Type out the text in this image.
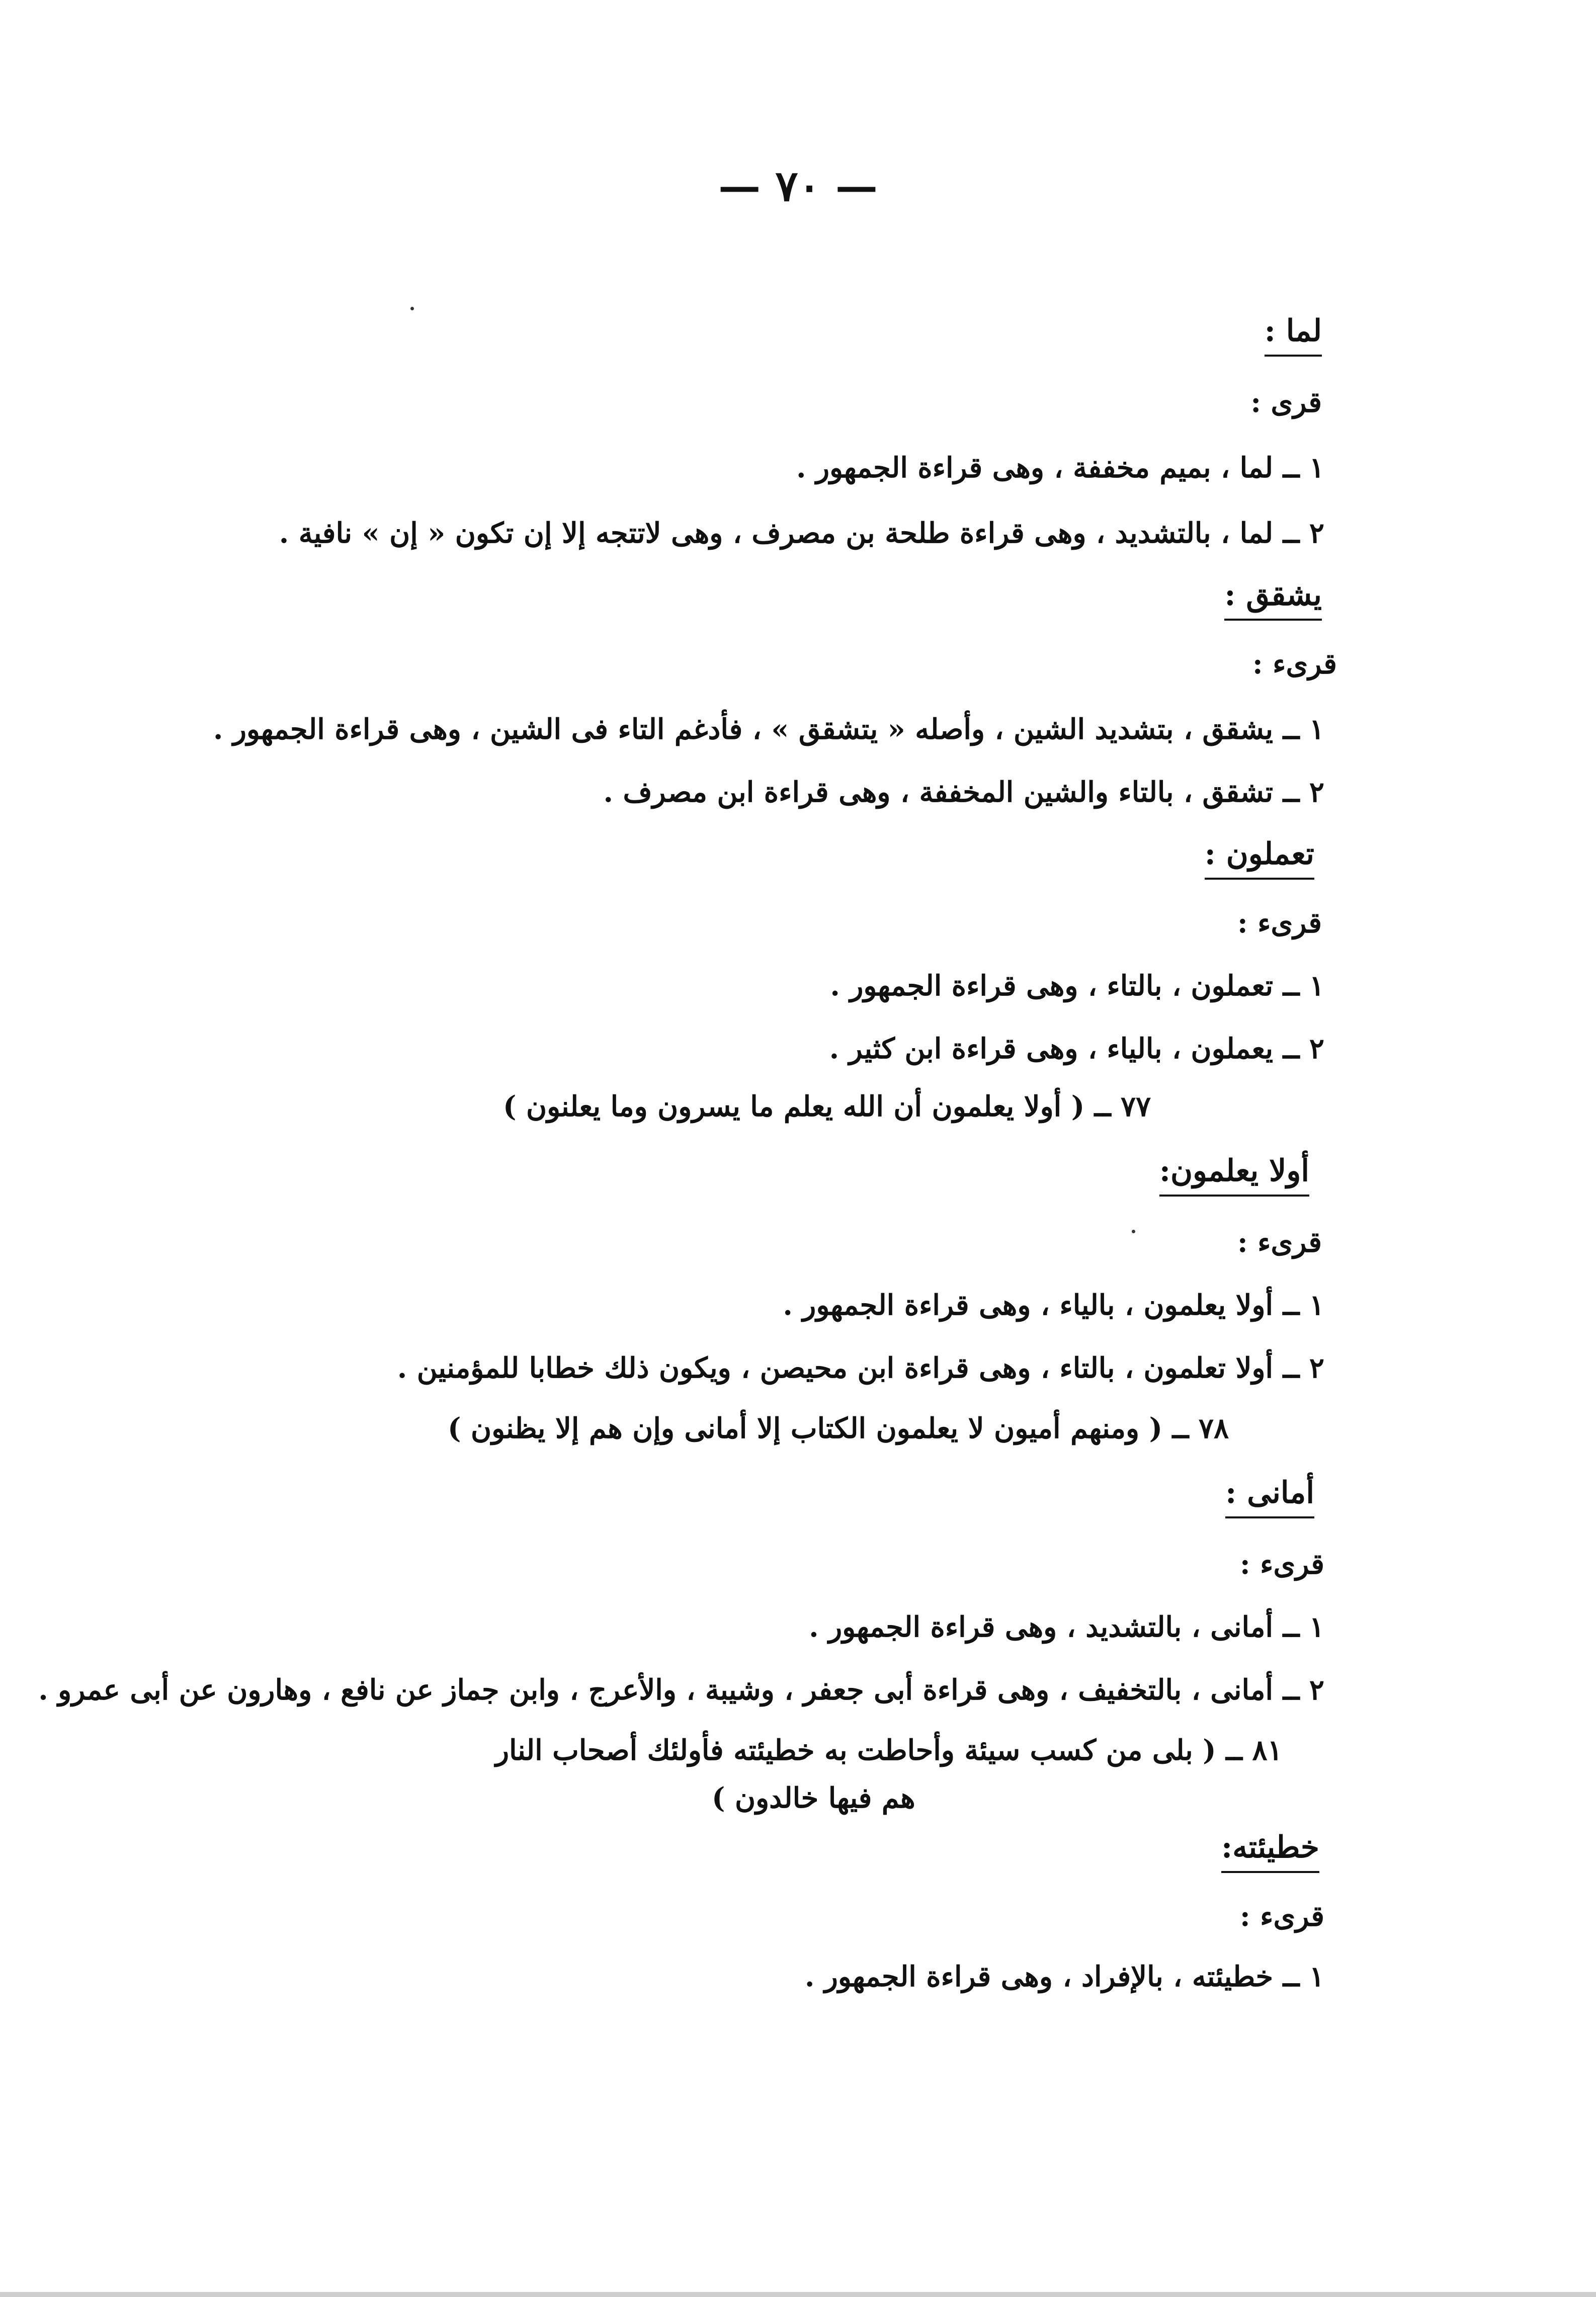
— ٧٠ —
لما :
قرى :
١ ــ لما ، بميم مخففة ، وهى قراءة الجمهور .
٢ ــ لما ، بالتشديد ، وهى قراءة طلحة بن مصرف ، وهى لاتتجه إلا إن تكون « إن » نافية .
يشقق :
قرىء :
١ ــ يشقق ، بتشديد الشين ، وأصله « يتشقق » ، فأدغم التاء فى الشين ، وهى قراءة الجمهور .
٢ ــ تشقق ، بالتاء والشين المخففة ، وهى قراءة ابن مصرف .
تعملون :
قرىء :
١ ــ تعملون ، بالتاء ، وهى قراءة الجمهور .
٢ ــ يعملون ، بالياء ، وهى قراءة ابن كثير .
٧٧ ــ ( أولا يعلمون أن الله يعلم ما يسرون وما يعلنون )
أولا يعلمون:
قرىء :
١ ــ أولا يعلمون ، بالياء ، وهى قراءة الجمهور .
٢ ــ أولا تعلمون ، بالتاء ، وهى قراءة ابن محيصن ، ويكون ذلك خطابا للمؤمنين .
٧٨ ــ ( ومنهم أميون لا يعلمون الكتاب إلا أمانى وإن هم إلا يظنون )
أمانى :
قرىء :
١ ــ أمانى ، بالتشديد ، وهى قراءة الجمهور .
٢ ــ أمانى ، بالتخفيف ، وهى قراءة أبى جعفر ، وشيبة ، والأعرج ، وابن جماز عن نافع ، وهارون عن أبى عمرو .
٨١ ــ ( بلى من كسب سيئة وأحاطت به خطيئته فأولئك أصحاب النار
هم فيها خالدون )
خطيئته:
قرىء :
١ ــ خطيئته ، بالإفراد ، وهى قراءة الجمهور .
